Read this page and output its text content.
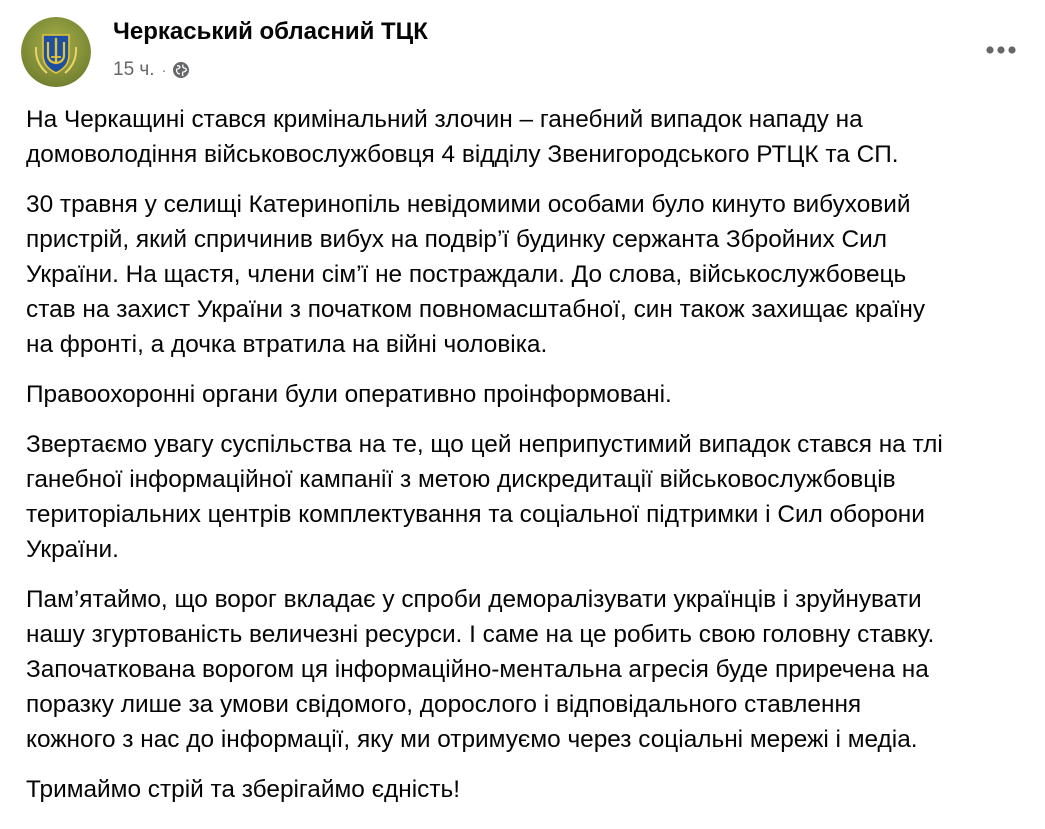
Черкаський обласний ТЦК
15 ч. ·

На Черкащині стався кримінальний злочин – ганебний випадок нападу на
домоволодіння військовослужбовця 4 відділу Звенигородського РТЦК та СП.

30 травня у селищі Катеринопіль невідомими особами було кинуто вибуховий
пристрій, який спричинив вибух на подвір’ї будинку сержанта Збройних Сил
України. На щастя, члени сім’ї не постраждали. До слова, військослужбовець
став на захист України з початком повномасштабної, син також захищає країну
на фронті, а дочка втратила на війні чоловіка.

Правоохоронні органи були оперативно проінформовані.

Звертаємо увагу суспільства на те, що цей неприпустимий випадок стався на тлі
ганебної інформаційної кампанії з метою дискредитації військовослужбовців
територіальних центрів комплектування та соціальної підтримки і Сил оборони
України.

Пам’ятаймо, що ворог вкладає у спроби деморалізувати українців і зруйнувати
нашу згуртованість величезні ресурси. І саме на це робить свою головну ставку.
Започаткована ворогом ця інформаційно-ментальна агресія буде приречена на
поразку лише за умови свідомого, дорослого і відповідального ставлення
кожного з нас до інформації, яку ми отримуємо через соціальні мережі і медіа.

Тримаймо стрій та зберігаймо єдність!
